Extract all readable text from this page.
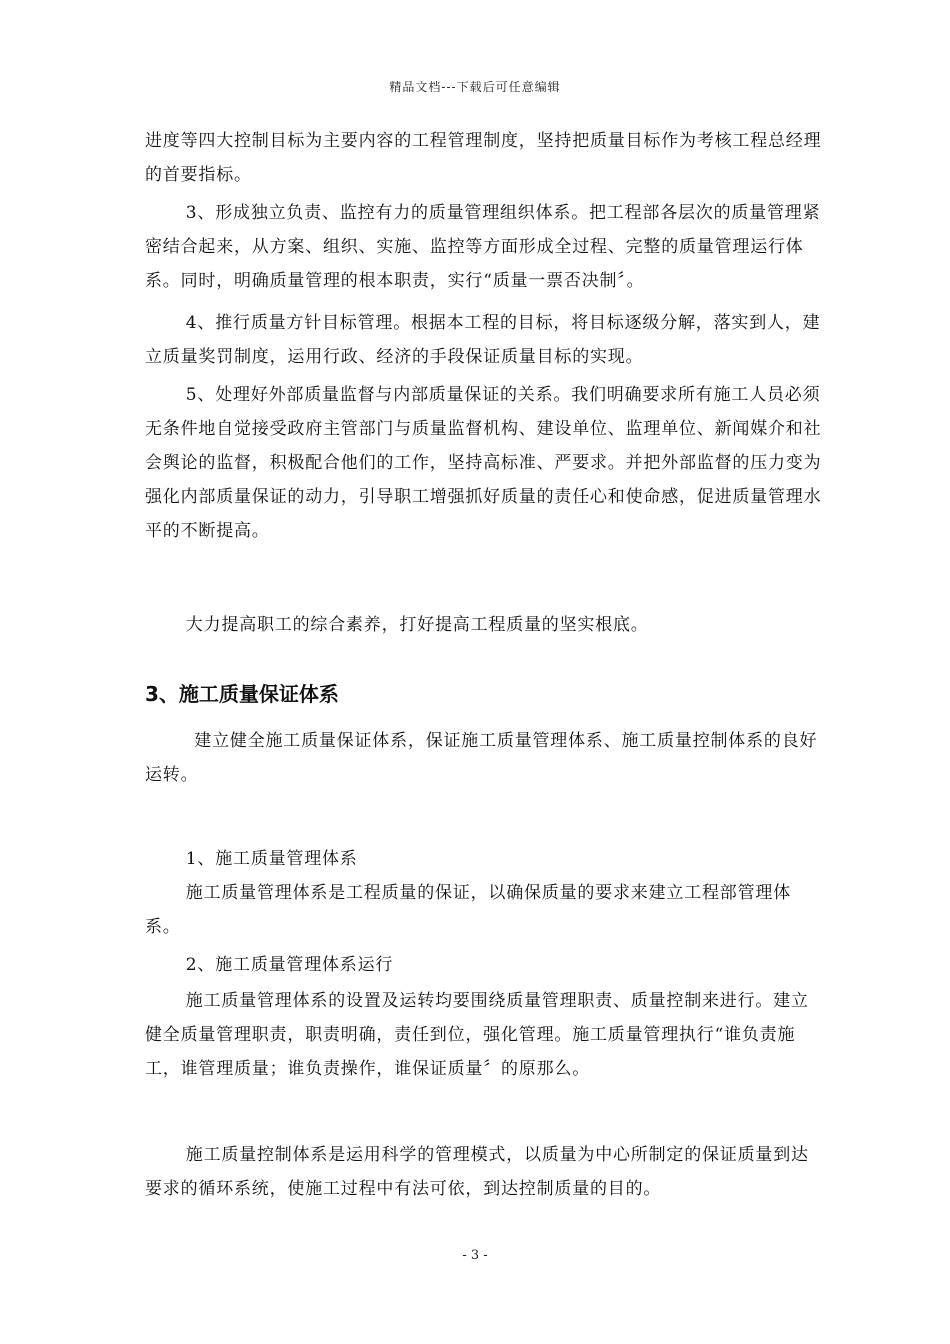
精品文档---下载后可任意编辑

进度等四大控制目标为主要内容的工程管理制度，坚持把质量目标作为考核工程总经理的首要指标。

3、形成独立负责、监控有力的质量管理组织体系。把工程部各层次的质量管理紧密结合起来，从方案、组织、实施、监控等方面形成全过程、完整的质量管理运行体系。同时，明确质量管理的根本职责，实行“质量一票否决制〞。

4、推行质量方针目标管理。根据本工程的目标，将目标逐级分解，落实到人，建立质量奖罚制度，运用行政、经济的手段保证质量目标的实现。

5、处理好外部质量监督与内部质量保证的关系。我们明确要求所有施工人员必须无条件地自觉接受政府主管部门与质量监督机构、建设单位、监理单位、新闻媒介和社会舆论的监督，积极配合他们的工作，坚持高标准、严要求。并把外部监督的压力变为强化内部质量保证的动力，引导职工增强抓好质量的责任心和使命感，促进质量管理水平的不断提高。

大力提高职工的综合素养，打好提高工程质量的坚实根底。

3、施工质量保证体系

建立健全施工质量保证体系，保证施工质量管理体系、施工质量控制体系的良好运转。

1、施工质量管理体系

施工质量管理体系是工程质量的保证，以确保质量的要求来建立工程部管理体系。

2、施工质量管理体系运行

施工质量管理体系的设置及运转均要围绕质量管理职责、质量控制来进行。建立健全质量管理职责，职责明确，责任到位，强化管理。施工质量管理执行“谁负责施工，谁管理质量；谁负责操作，谁保证质量〞的原那么。

施工质量控制体系是运用科学的管理模式，以质量为中心所制定的保证质量到达要求的循环系统，使施工过程中有法可依，到达控制质量的目的。

- 3 -
